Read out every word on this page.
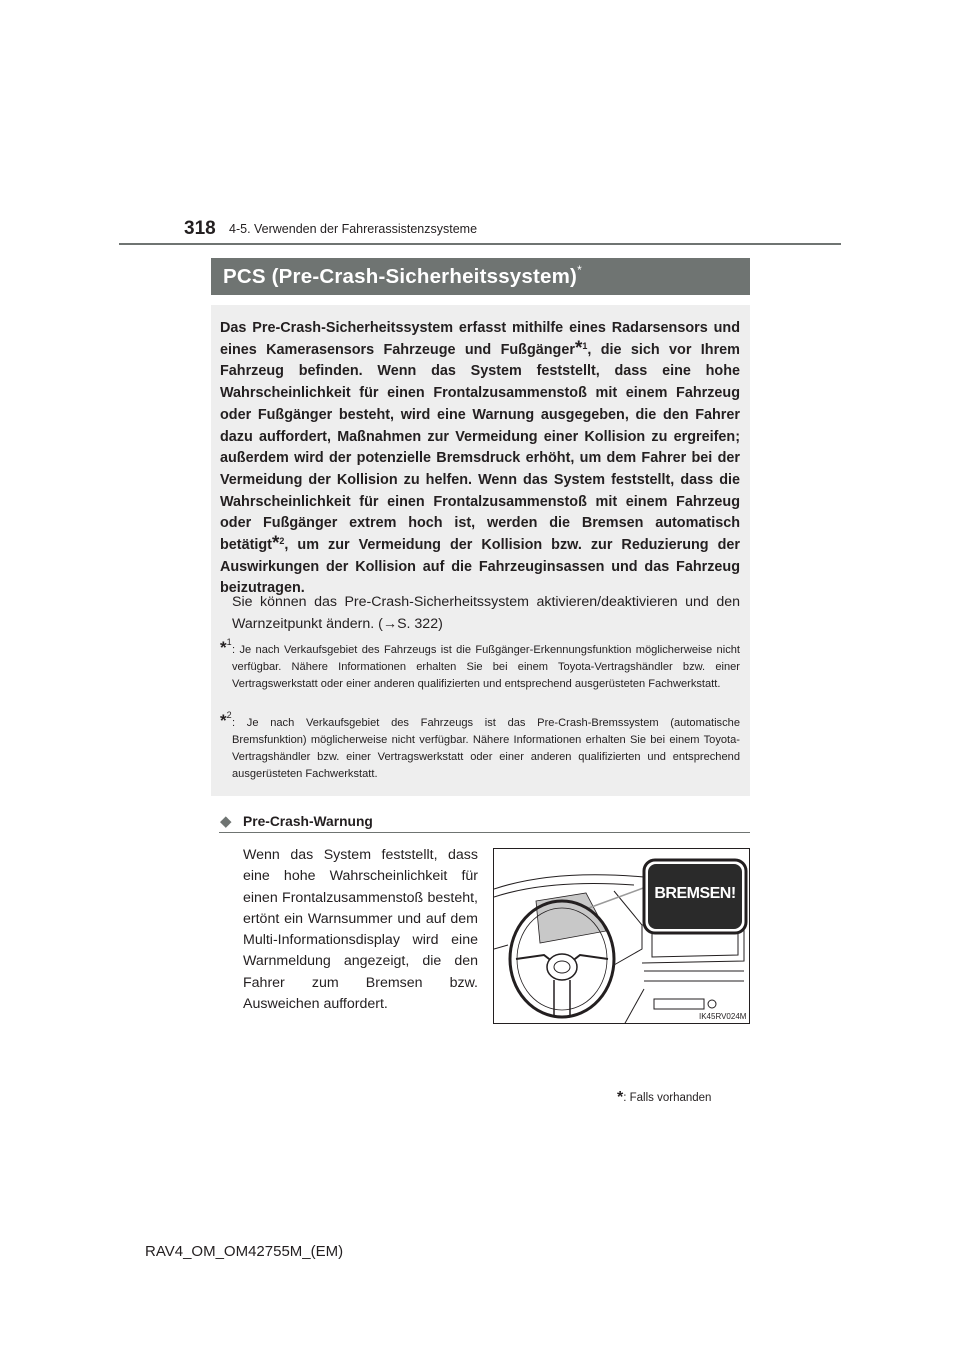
318 4-5. Verwenden der Fahrerassistenzsysteme
PCS (Pre-Crash-Sicherheitssystem)*
Das Pre-Crash-Sicherheitssystem erfasst mithilfe eines Radarsensors und eines Kamerasensors Fahrzeuge und Fußgänger*$^1$, die sich vor Ihrem Fahrzeug befinden. Wenn das System feststellt, dass eine hohe Wahrscheinlichkeit für einen Frontalzusammenstoß mit einem Fahrzeug oder Fußgänger besteht, wird eine Warnung ausgegeben, die den Fahrer dazu auffordert, Maßnahmen zur Vermeidung einer Kollision zu ergreifen; außerdem wird der potenzielle Bremsdruck erhöht, um dem Fahrer bei der Vermeidung der Kollision zu helfen. Wenn das System feststellt, dass die Wahrscheinlichkeit für einen Frontalzusammenstoß mit einem Fahrzeug oder Fußgänger extrem hoch ist, werden die Bremsen automatisch betätigt*$^2$, um zur Vermeidung der Kollision bzw. zur Reduzierung der Auswirkungen der Kollision auf die Fahrzeuginsassen und das Fahrzeug beizutragen.
Sie können das Pre-Crash-Sicherheitssystem aktivieren/deaktivieren und den Warnzeitpunkt ändern. (→S. 322)
*$^1$
: Je nach Verkaufsgebiet des Fahrzeugs ist die Fußgänger-Erkennungsfunktion möglicherweise nicht verfügbar. Nähere Informationen erhalten Sie bei einem Toyota-Vertragshändler bzw. einer Vertragswerkstatt oder einer anderen qualifizierten und entsprechend ausgerüsteten Fachwerkstatt.
*$^2$
: Je nach Verkaufsgebiet des Fahrzeugs ist das Pre-Crash-Bremssystem (automatische Bremsfunktion) möglicherweise nicht verfügbar. Nähere Informationen erhalten Sie bei einem Toyota-Vertragshändler bzw. einer Vertragswerkstatt oder einer anderen qualifizierten und entsprechend ausgerüsteten Fachwerkstatt.
◆ Pre-Crash-Warnung
Wenn das System feststellt, dass eine hohe Wahrscheinlichkeit für einen Frontalzusammenstoß besteht, ertönt ein Warnsummer und auf dem Multi-Informationsdisplay wird eine Warnmeldung angezeigt, die den Fahrer zum Bremsen bzw. Ausweichen auffordert.
BREMSEN!
IK45RV024M
*: Falls vorhanden
RAV4_OM_OM42755M_(EM)
